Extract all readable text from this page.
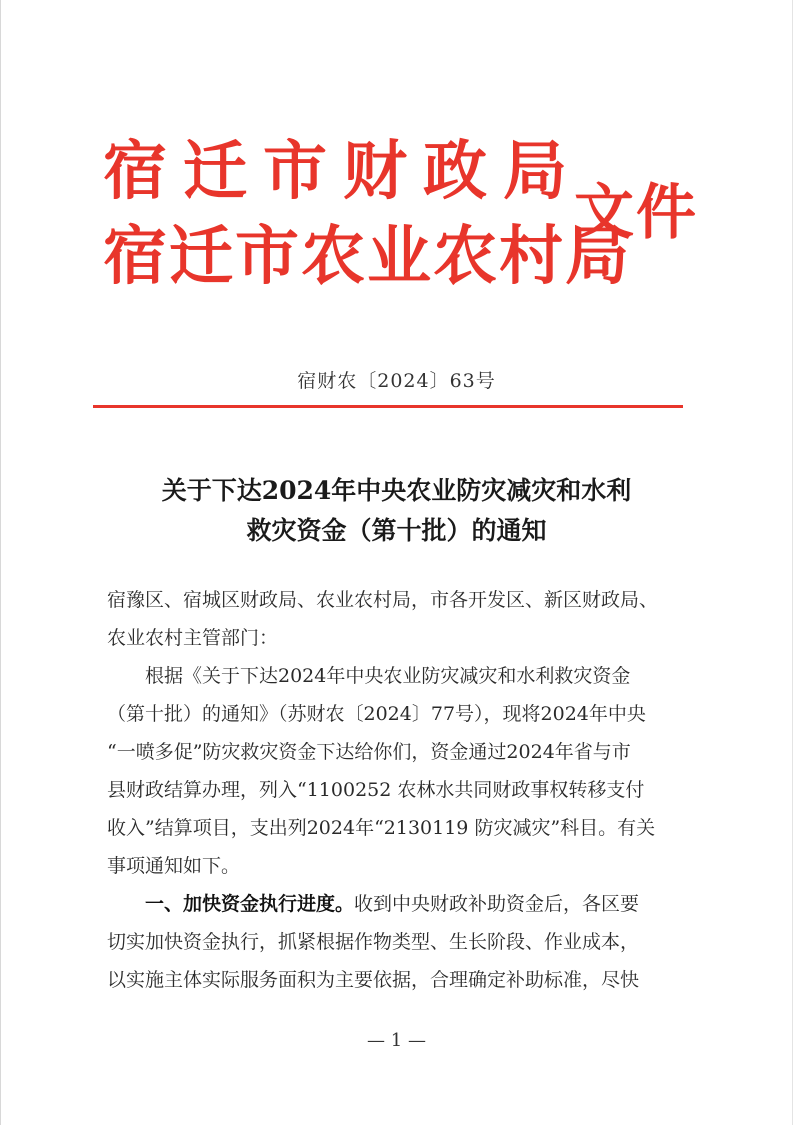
宿迁市财政局
宿迁市农业农村局
文件
宿财农〔2024〕63号
关于下达2024年中央农业防灾减灾和水利
救灾资金（第十批）的通知
宿豫区、宿城区财政局、农业农村局，市各开发区、新区财政局、
农业农村主管部门：
根据《关于下达2024年中央农业防灾减灾和水利救灾资金
（第十批）的通知》（苏财农〔2024〕77号），现将2024年中央
“一喷多促”防灾救灾资金下达给你们，资金通过2024年省与市
县财政结算办理，列入“1100252 农林水共同财政事权转移支付
收入”结算项目，支出列2024年“2130119 防灾减灾”科目。有关
事项通知如下。
一、加快资金执行进度。收到中央财政补助资金后，各区要
切实加快资金执行，抓紧根据作物类型、生长阶段、作业成本，
以实施主体实际服务面积为主要依据，合理确定补助标准，尽快
— 1 —
